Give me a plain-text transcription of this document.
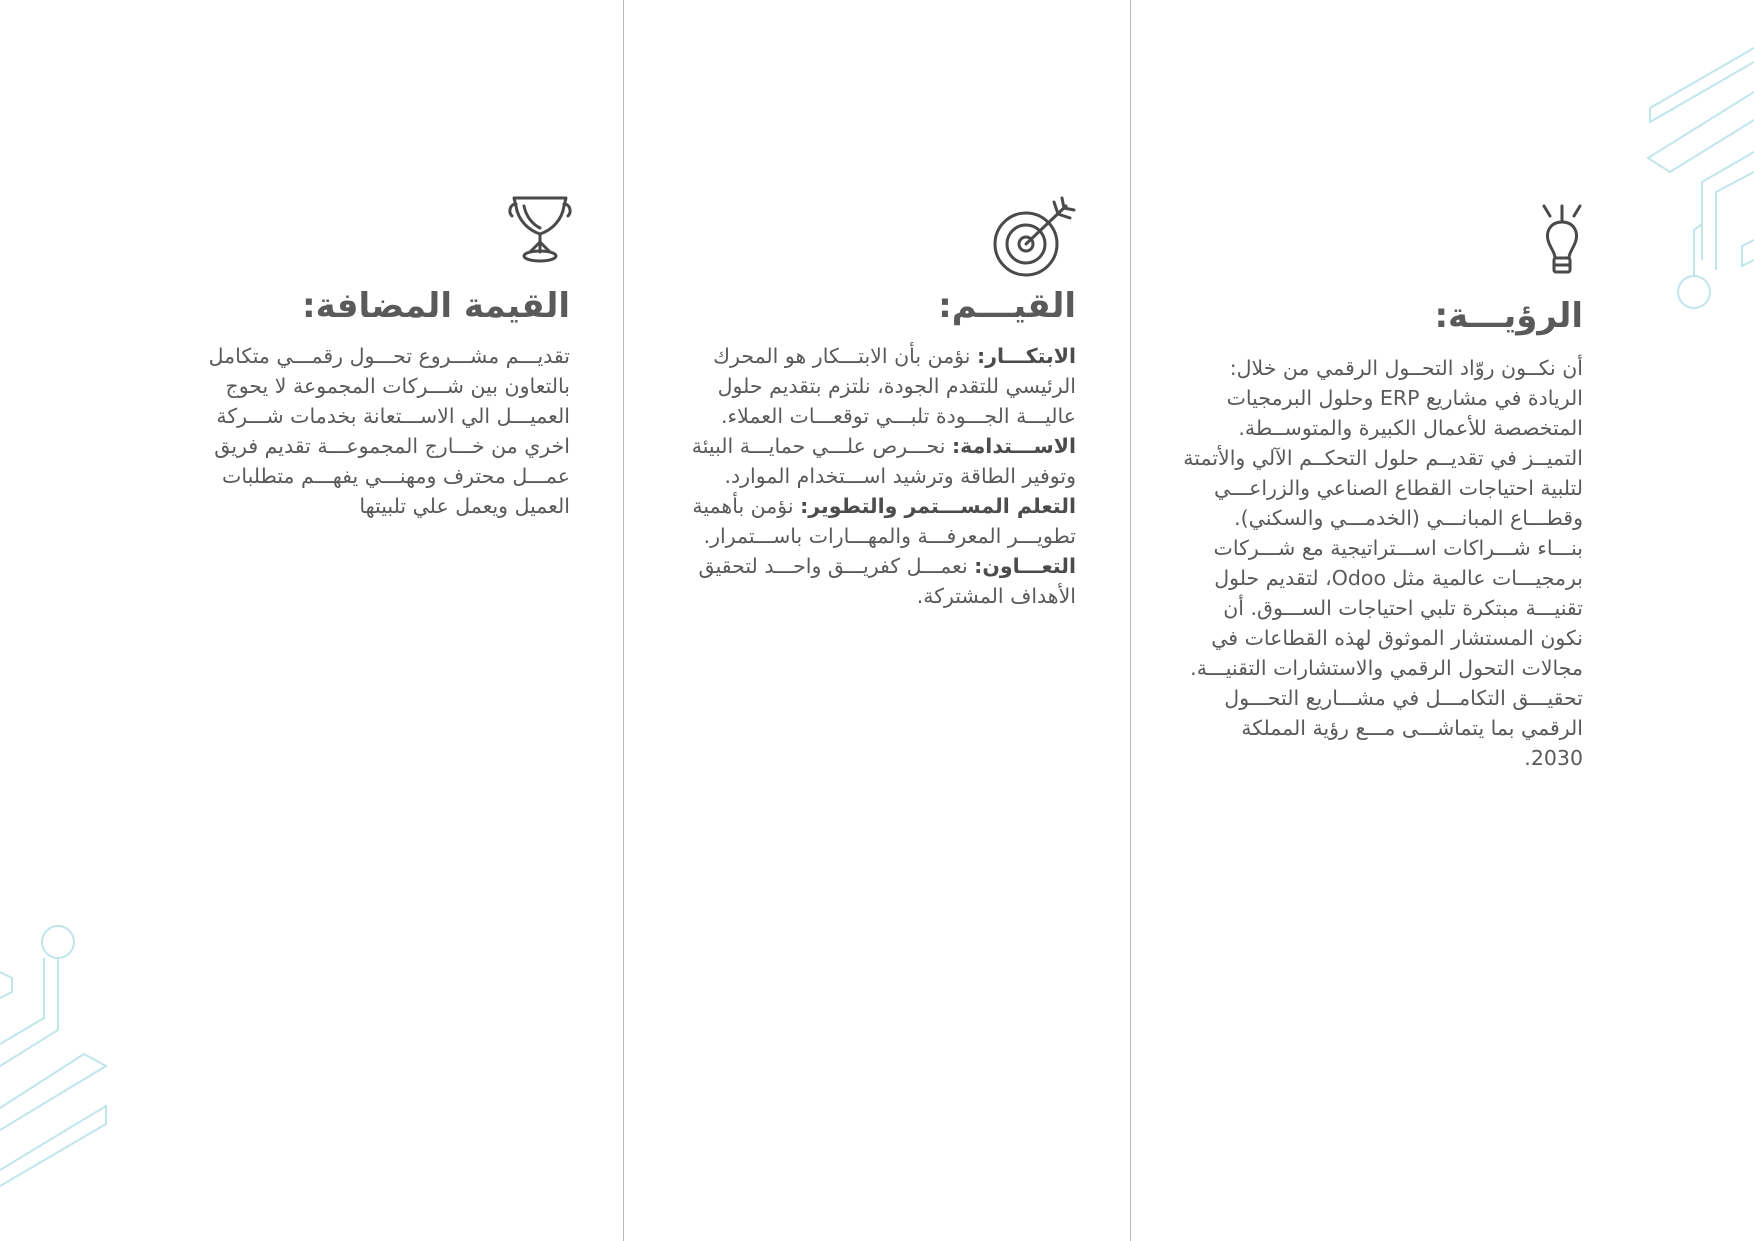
الرؤيـــة:
أن نكــون روّاد التحــول الرقمي من خلال: الريادة في مشاريع ERP وحلول البرمجيات المتخصصة للأعمال الكبيرة والمتوســطة. التميــز في تقديــم حلول التحكــم الآلي والأتمتة لتلبية احتياجات القطاع الصناعي والزراعـــي وقطـــاع المبانـــي (الخدمـــي والسكني).
بنـــاء شـــراكات اســـتراتيجية مع شـــركات برمجيـــات عالمية مثل Odoo، لتقديم حلول تقنيـــة مبتكرة تلبي احتياجات الســـوق. أن نكون المستشار الموثوق لهذه القطاعات في مجالات التحول الرقمي والاستشارات التقنيـــة. تحقيـــق التكامـــل في مشـــاريع التحـــول الرقمي بما يتماشـــى مـــع رؤية المملكة 2030.
القيـــم:
الابتكـــار: نؤمن بأن الابتـــكار هو المحرك الرئيسي للتقدم الجودة، نلتزم بتقديم حلول عاليـــة الجـــودة تلبـــي توقعـــات العملاء.
الاســـتدامة: نحـــرص علـــي حمايـــة البيئة وتوفير الطاقة وترشيد اســـتخدام الموارد.
التعلم المســـتمر والتطوير: نؤمن بأهمية تطويـــر المعرفـــة والمهـــارات باســـتمرار.
التعـــاون: نعمـــل كفريـــق واحـــد لتحقيق الأهداف المشتركة.
القيمة المضافة:
تقديـــم مشـــروع تحـــول رقمـــي متكامل بالتعاون بين شـــركات المجموعة لا يحوج العميـــل الي الاســـتعانة بخدمات شـــركة اخري من خـــارج المجموعـــة تقديم فريق عمـــل محترف ومهنـــي يفهـــم متطلبات العميل ويعمل علي تلبيتها
